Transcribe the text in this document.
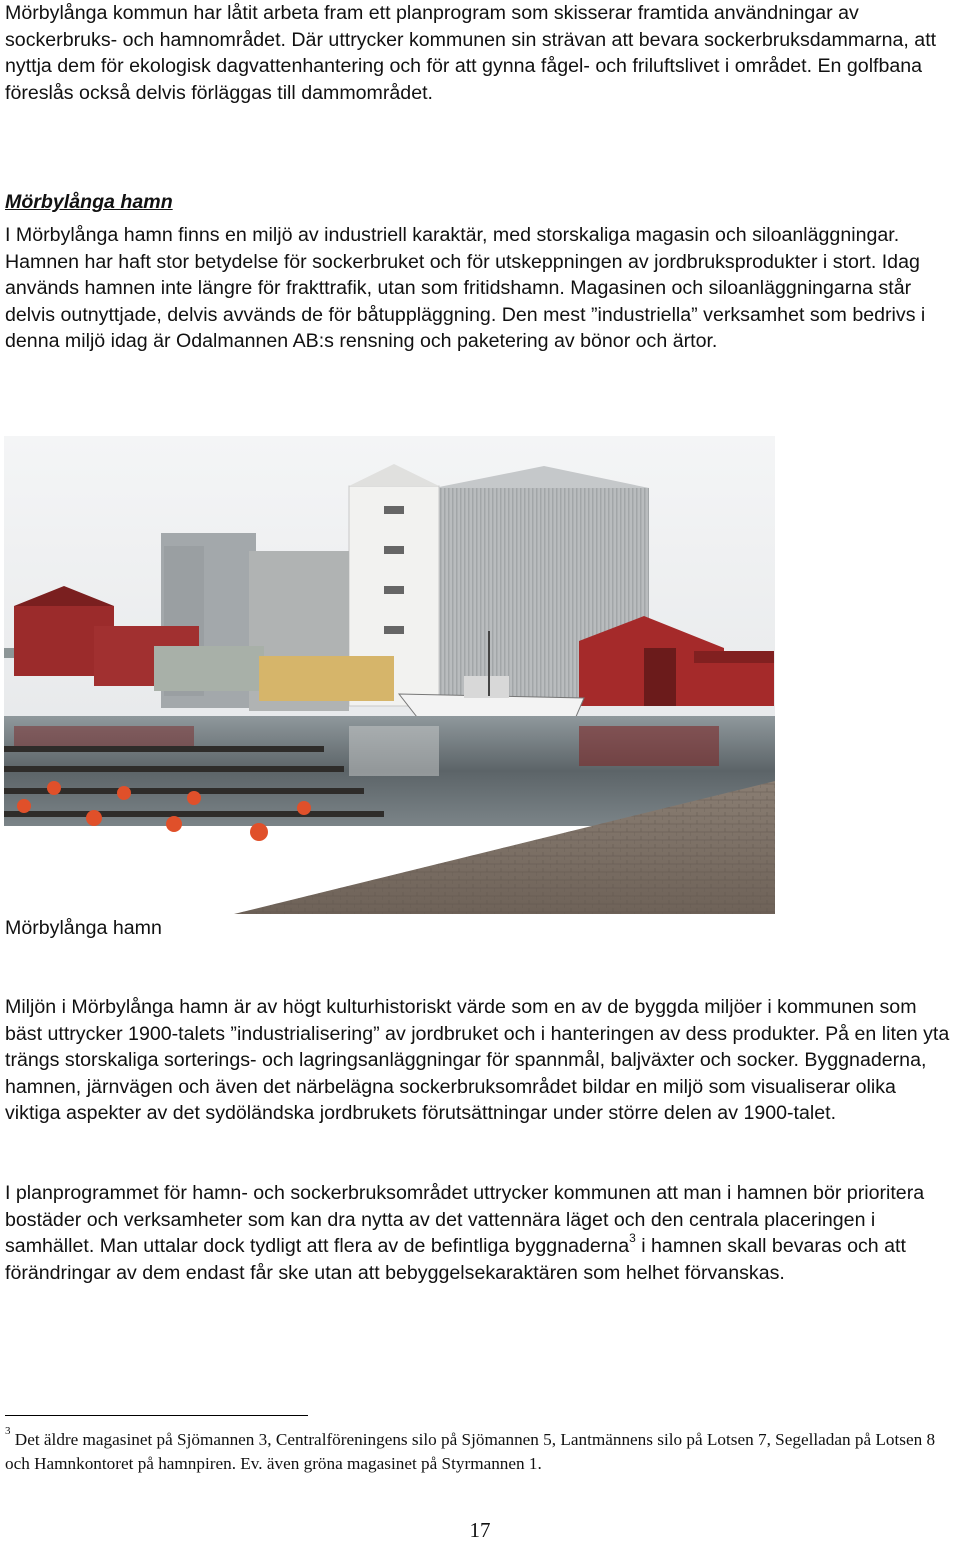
Mörbylånga kommun har låtit arbeta fram ett planprogram som skisserar framtida användningar av sockerbruks- och hamnområdet. Där uttrycker kommunen sin strävan att bevara sockerbruksdammarna, att nyttja dem för ekologisk dagvattenhantering och för att gynna fågel- och friluftslivet i området. En golfbana föreslås också delvis förläggas till dammområdet.

Mörbylånga hamn

I Mörbylånga hamn finns en miljö av industriell karaktär, med storskaliga magasin och siloanläggningar. Hamnen har haft stor betydelse för sockerbruket och för utskeppningen av jordbruksprodukter i stort. Idag används hamnen inte längre för frakttrafik, utan som fritidshamn. Magasinen och siloanläggningarna står delvis outnyttjade, delvis avvänds de för båtuppläggning. Den mest ”industriella” verksamhet som bedrivs i denna miljö idag är Odalmannen AB:s rensning och paketering av bönor och ärtor.

Mörbylånga hamn

Miljön i Mörbylånga hamn är av högt kulturhistoriskt värde som en av de byggda miljöer i kommunen som bäst uttrycker 1900-talets ”industrialisering” av jordbruket och i hanteringen av dess produkter. På en liten yta trängs storskaliga sorterings- och lagringsanläggningar för spannmål, baljväxter och socker. Byggnaderna, hamnen, järnvägen och även det närbelägna sockerbruksområdet bildar en miljö som visualiserar olika viktiga aspekter av det sydöländska jordbrukets förutsättningar under större delen av 1900-talet.

I planprogrammet för hamn- och sockerbruksområdet uttrycker kommunen att man i hamnen bör prioritera bostäder och verksamheter som kan dra nytta av det vattennära läget och den centrala placeringen i samhället. Man uttalar dock tydligt att flera av de befintliga byggnaderna$^3$ i hamnen skall bevaras och att förändringar av dem endast får ske utan att bebyggelsekaraktären som helhet förvanskas.

$^3$ Det äldre magasinet på Sjömannen 3, Centralföreningens silo på Sjömannen 5, Lantmännens silo på Lotsen 7, Segelladan på Lotsen 8 och Hamnkontoret på hamnpiren. Ev. även gröna magasinet på Styrmannen 1.
17
